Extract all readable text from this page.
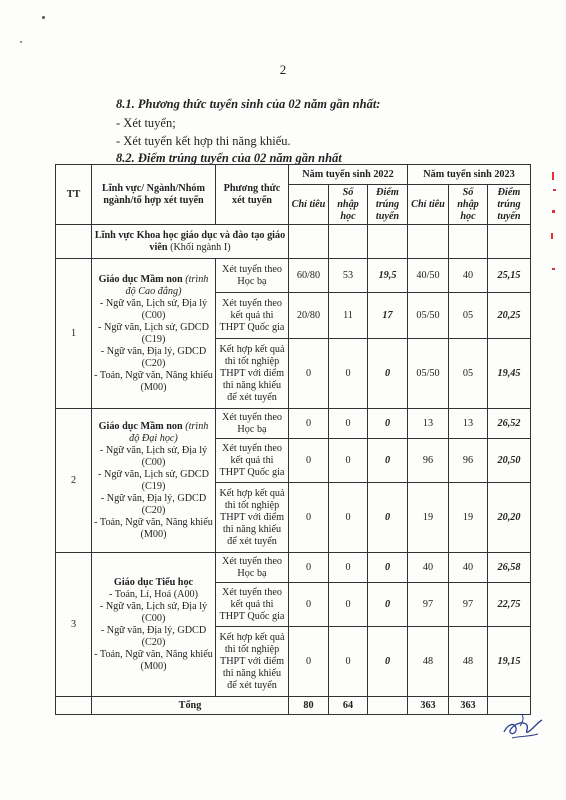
2
8.1. Phương thức tuyển sinh của 02 năm gần nhất:
- Xét tuyển;
- Xét tuyển kết hợp thi năng khiếu.
8.2. Điểm trúng tuyển của 02 năm gần nhất
TT	Lĩnh vực/ Ngành/Nhóm ngành/tổ hợp xét tuyển	Phương thức xét tuyển	Năm tuyển sinh 2022			Năm tuyển sinh 2023		
			Chỉ tiêu	Số nhập học	Điểm trúng tuyển	Chỉ tiêu	Số nhập học	Điểm trúng tuyển
	Lĩnh vực Khoa học giáo dục và đào tạo giáo viên (Khối ngành I)							
1	Giáo dục Mầm non (trình độ Cao đẳng)
- Ngữ văn, Lịch sử, Địa lý (C00)
- Ngữ văn, Lịch sử, GDCD (C19)
- Ngữ văn, Địa lý, GDCD (C20)
- Toán, Ngữ văn, Năng khiếu (M00)	Xét tuyển theo Học bạ	60/80	53	19,5	40/50	40	25,15
		Xét tuyển theo kết quả thi THPT Quốc gia	20/80	11	17	05/50	05	20,25
		Kết hợp kết quả thi tốt nghiệp THPT với điểm thi năng khiếu để xét tuyển	0	0	0	05/50	05	19,45
2	Giáo dục Mầm non (trình độ Đại học)
- Ngữ văn, Lịch sử, Địa lý (C00)
- Ngữ văn, Lịch sử, GDCD (C19)
- Ngữ văn, Địa lý, GDCD (C20)
- Toán, Ngữ văn, Năng khiếu (M00)	Xét tuyển theo Học bạ	0	0	0	13	13	26,52
		Xét tuyển theo kết quả thi THPT Quốc gia	0	0	0	96	96	20,50
		Kết hợp kết quả thi tốt nghiệp THPT với điểm thi năng khiếu để xét tuyển	0	0	0	19	19	20,20
3	Giáo dục Tiểu học
- Toán, Lí, Hoá (A00)
- Ngữ văn, Lịch sử, Địa lý (C00)
- Ngữ văn, Địa lý, GDCD (C20)
- Toán, Ngữ văn, Năng khiếu (M00)	Xét tuyển theo Học bạ	0	0	0	40	40	26,58
		Xét tuyển theo kết quả thi THPT Quốc gia	0	0	0	97	97	22,75
		Kết hợp kết quả thi tốt nghiệp THPT với điểm thi năng khiếu để xét tuyển	0	0	0	48	48	19,15
	Tổng		80	64		363	363	
